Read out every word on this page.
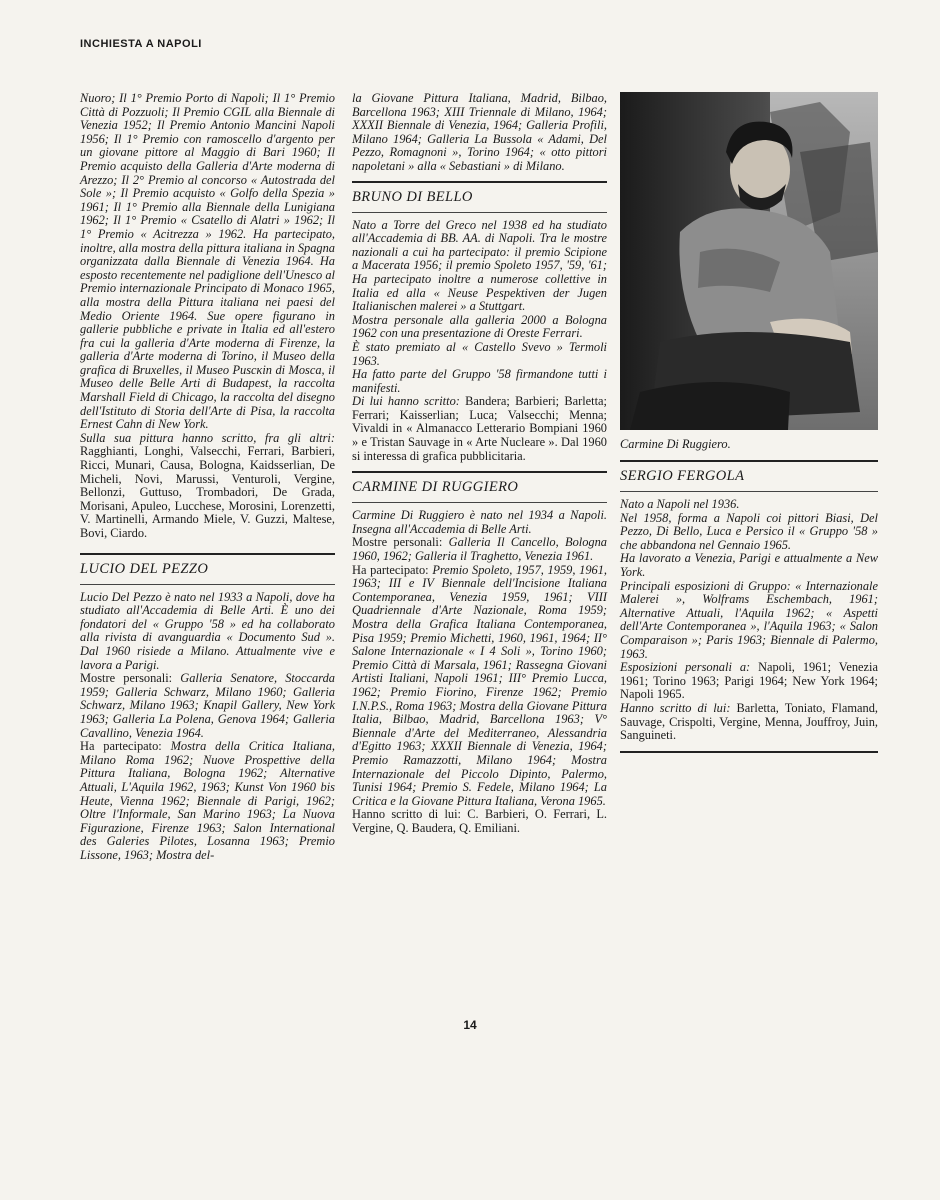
INCHIESTA A NAPOLI

Nuoro; Il 1° Premio Porto di Napoli; Il 1° Premio Città di Pozzuoli; Il Premio CGIL alla Biennale di Venezia 1952; Il Premio Antonio Mancini Napoli 1956; Il 1° Premio con ramoscello d'argento per un giovane pittore al Maggio di Bari 1960; Il Premio acquisto della Galleria d'Arte moderna di Arezzo; Il 2° Premio al concorso « Autostrada del Sole »; Il Premio acquisto « Golfo della Spezia » 1961; Il 1° Premio alla Biennale della Lunigiana 1962; Il 1° Premio « Csatello di Alatri » 1962; Il 1° Premio « Acitrezza » 1962. Ha partecipato, inoltre, alla mostra della pittura italiana in Spagna organizzata dalla Biennale di Venezia 1964. Ha esposto recentemente nel padiglione dell'Unesco al Premio internazionale Principato di Monaco 1965, alla mostra della Pittura italiana nei paesi del Medio Oriente 1964. Sue opere figurano in gallerie pubbliche e private in Italia ed all'estero fra cui la galleria d'Arte moderna di Firenze, la galleria d'Arte moderna di Torino, il Museo della grafica di Bruxelles, il Museo Puscкin di Mosca, il Museo delle Belle Arti di Budapest, la raccolta Marshall Field di Chicago, la raccolta del disegno dell'Istituto di Storia dell'Arte di Pisa, la raccolta Ernest Cahn di New York.

Sulla sua pittura hanno scritto, fra gli altri: Ragghianti, Longhi, Valsecchi, Ferrari, Barbieri, Ricci, Munari, Causa, Bologna, Kaidsserlian, De Micheli, Novi, Marussi, Venturoli, Vergine, Bellonzi, Guttuso, Trombadori, De Grada, Morisani, Apuleo, Lucchese, Morosini, Lorenzetti, V. Martinelli, Armando Miele, V. Guzzi, Maltese, Bovi, Ciardo.

LUCIO DEL PEZZO

Lucio Del Pezzo è nato nel 1933 a Napoli, dove ha studiato all'Accademia di Belle Arti. È uno dei fondatori del « Gruppo '58 » ed ha collaborato alla rivista di avanguardia « Documento Sud ». Dal 1960 risiede a Milano. Attualmente vive e lavora a Parigi.

Mostre personali: Galleria Senatore, Stoccarda 1959; Galleria Schwarz, Milano 1960; Galleria Schwarz, Milano 1963; Knapil Gallery, New York 1963; Galleria La Polena, Genova 1964; Galleria Cavallino, Venezia 1964.

Ha partecipato: Mostra della Critica Italiana, Milano Roma 1962; Nuove Prospettive della Pittura Italiana, Bologna 1962; Alternative Attuali, L'Aquila 1962, 1963; Kunst Von 1960 bis Heute, Vienna 1962; Biennale di Parigi, 1962; Oltre l'Informale, San Marino 1963; La Nuova Figurazione, Firenze 1963; Salon International des Galeries Pilotes, Losanna 1963; Premio Lissone, 1963; Mostra del-

la Giovane Pittura Italiana, Madrid, Bilbao, Barcellona 1963; XIII Triennale di Milano, 1964; XXXII Biennale di Venezia, 1964; Galleria Profili, Milano 1964; Galleria La Bussola « Adami, Del Pezzo, Romagnoni », Torino 1964; « otto pittori napoletani » alla « Sebastiani » di Milano.

BRUNO DI BELLO

Nato a Torre del Greco nel 1938 ed ha studiato all'Accademia di BB. AA. di Napoli. Tra le mostre nazionali a cui ha partecipato: il premio Scipione a Macerata 1956; il premio Spoleto 1957, '59, '61; Ha partecipato inoltre a numerose collettive in Italia ed alla « Neuse Pespektiven der Jugen Italianischen malerei » a Stuttgart.

Mostra personale alla galleria 2000 a Bologna 1962 con una presentazione di Oreste Ferrari.

È stato premiato al « Castello Svevo » Termoli 1963.

Ha fatto parte del Gruppo '58 firmandone tutti i manifesti.

Di lui hanno scritto: Bandera; Barbieri; Barletta; Ferrari; Kaisserlian; Luca; Valsecchi; Menna; Vivaldi in « Almanacco Letterario Bompiani 1960 » e Tristan Sauvage in « Arte Nucleare ». Dal 1960 si interessa di grafica pubblicitaria.

CARMINE DI RUGGIERO

Carmine Di Ruggiero è nato nel 1934 a Napoli. Insegna all'Accademia di Belle Arti.

Mostre personali: Galleria Il Cancello, Bologna 1960, 1962; Galleria il Traghetto, Venezia 1961.

Ha partecipato: Premio Spoleto, 1957, 1959, 1961, 1963; III e IV Biennale dell'Incisione Italiana Contemporanea, Venezia 1959, 1961; VIII Quadriennale d'Arte Nazionale, Roma 1959; Mostra della Grafica Italiana Contemporanea, Pisa 1959; Premio Michetti, 1960, 1961, 1964; II° Salone Internazionale « I 4 Soli », Torino 1960; Premio Città di Marsala, 1961; Rassegna Giovani Artisti Italiani, Napoli 1961; III° Premio Lucca, 1962; Premio Fiorino, Firenze 1962; Premio I.N.P.S., Roma 1963; Mostra della Giovane Pittura Italia, Bilbao, Madrid, Barcellona 1963; V° Biennale d'Arte del Mediterraneo, Alessandria d'Egitto 1963; XXXII Biennale di Venezia, 1964; Premio Ramazzotti, Milano 1964; Mostra Internazionale del Piccolo Dipinto, Palermo, Tunisi 1964; Premio S. Fedele, Milano 1964; La Critica e la Giovane Pittura Italiana, Verona 1965.

Hanno scritto di lui: C. Barbieri, O. Ferrari, L. Vergine, Q. Baudera, Q. Emiliani.

Carmine Di Ruggiero.
SERGIO FERGOLA

Nato a Napoli nel 1936.

Nel 1958, forma a Napoli coi pittori Biasi, Del Pezzo, Di Bello, Luca e Persico il « Gruppo '58 » che abbandona nel Gennaio 1965.

Ha lavorato a Venezia, Parigi e attualmente a New York.

Principali esposizioni di Gruppo: « Internazionale Malerei », Wolframs Eschembach, 1961; Alternative Attuali, l'Aquila 1962; « Aspetti dell'Arte Contemporanea », l'Aquila 1963; « Salon Comparaison »; Paris 1963; Biennale di Palermo, 1963.

Esposizioni personali a: Napoli, 1961; Venezia 1961; Torino 1963; Parigi 1964; New York 1964; Napoli 1965.

Hanno scritto di lui: Barletta, Toniato, Flamand, Sauvage, Crispolti, Vergine, Menna, Jouffroy, Juin, Sanguineti.

14
